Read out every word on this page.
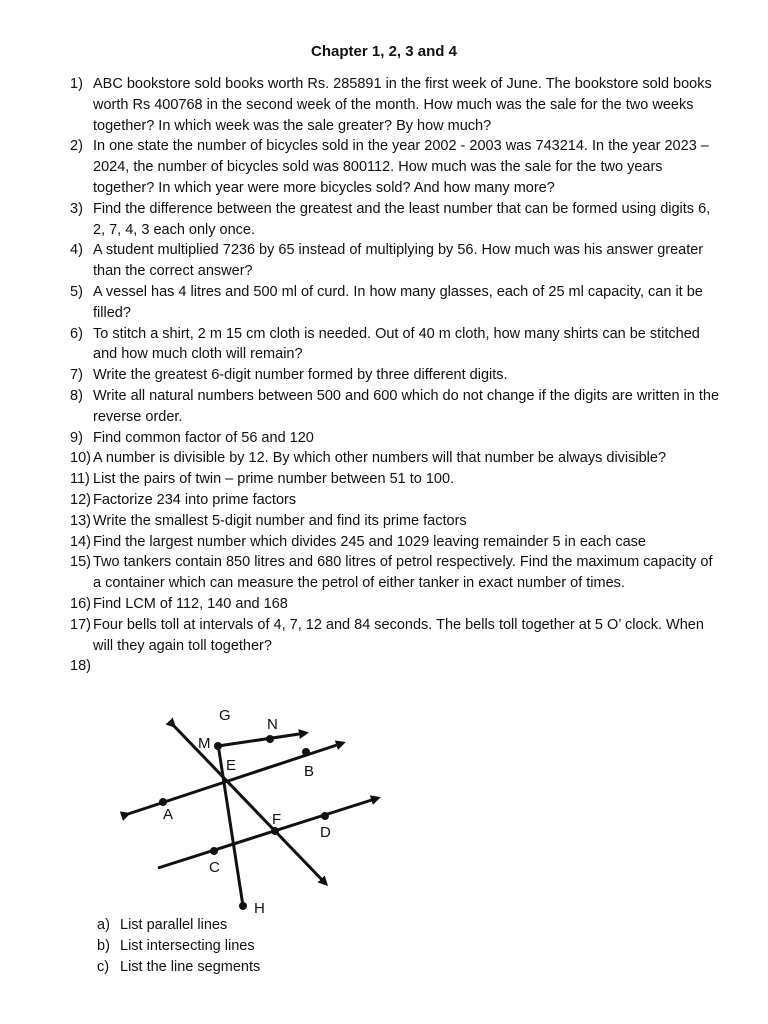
Chapter 1, 2, 3 and 4
1) ABC bookstore sold books worth Rs. 285891 in the first week of June. The bookstore sold books worth Rs 400768 in the second week of the month. How much was the sale for the two weeks together? In which week was the sale greater? By how much?
2) In one state the number of bicycles sold in the year 2002 - 2003 was 743214. In the year 2023 – 2024, the number of bicycles sold was 800112. How much was the sale for the two years together? In which year were more bicycles sold? And how many more?
3) Find the difference between the greatest and the least number that can be formed using digits 6, 2, 7, 4, 3 each only once.
4) A student multiplied 7236 by 65 instead of multiplying by 56. How much was his answer greater than the correct answer?
5) A vessel has 4 litres and 500 ml of curd. In how many glasses, each of 25 ml capacity, can it be filled?
6) To stitch a shirt, 2 m 15 cm cloth is needed. Out of 40 m cloth, how many shirts can be stitched and how much cloth will remain?
7) Write the greatest 6-digit number formed by three different digits.
8) Write all natural numbers between 500 and 600 which do not change if the digits are written in the reverse order.
9) Find common factor of 56 and 120
10) A number is divisible by 12. By which other numbers will that number be always divisible?
11) List the pairs of twin – prime number between 51 to 100.
12) Factorize 234 into prime factors
13) Write the smallest 5-digit number and find its prime factors
14) Find the largest number which divides 245 and 1029 leaving remainder 5 in each case
15) Two tankers contain 850 litres and 680 litres of petrol respectively. Find the maximum capacity of a container which can measure the petrol of either tanker in exact number of times.
16) Find LCM of 112, 140 and 168
17) Four bells toll at intervals of 4, 7, 12 and 84 seconds. The bells toll together at 5 O’ clock. When will they again toll together?
18)

G
N
M
E	B
A	F
D
C
H
a) List parallel lines
b) List intersecting lines
c) List the line segments
